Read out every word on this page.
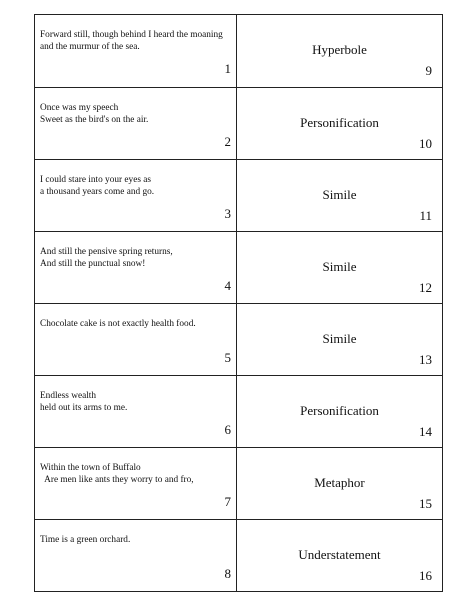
Forward still, though behind I heard the moaning
and the murmur of the sea.
1
Hyperbole
9
Once was my speech
Sweet as the bird's on the air.
2
Personification
10
I could stare into your eyes as
a thousand years come and go.
3
Simile
11
And still the pensive spring returns,
And still the punctual snow!
4
Simile
12
Chocolate cake is not exactly health food.
5
Simile
13
Endless wealth
held out its arms to me.
6
Personification
14
Within the town of Buffalo
Are men like ants they worry to and fro,
7
Metaphor
15
Time is a green orchard.
8
Understatement
16
